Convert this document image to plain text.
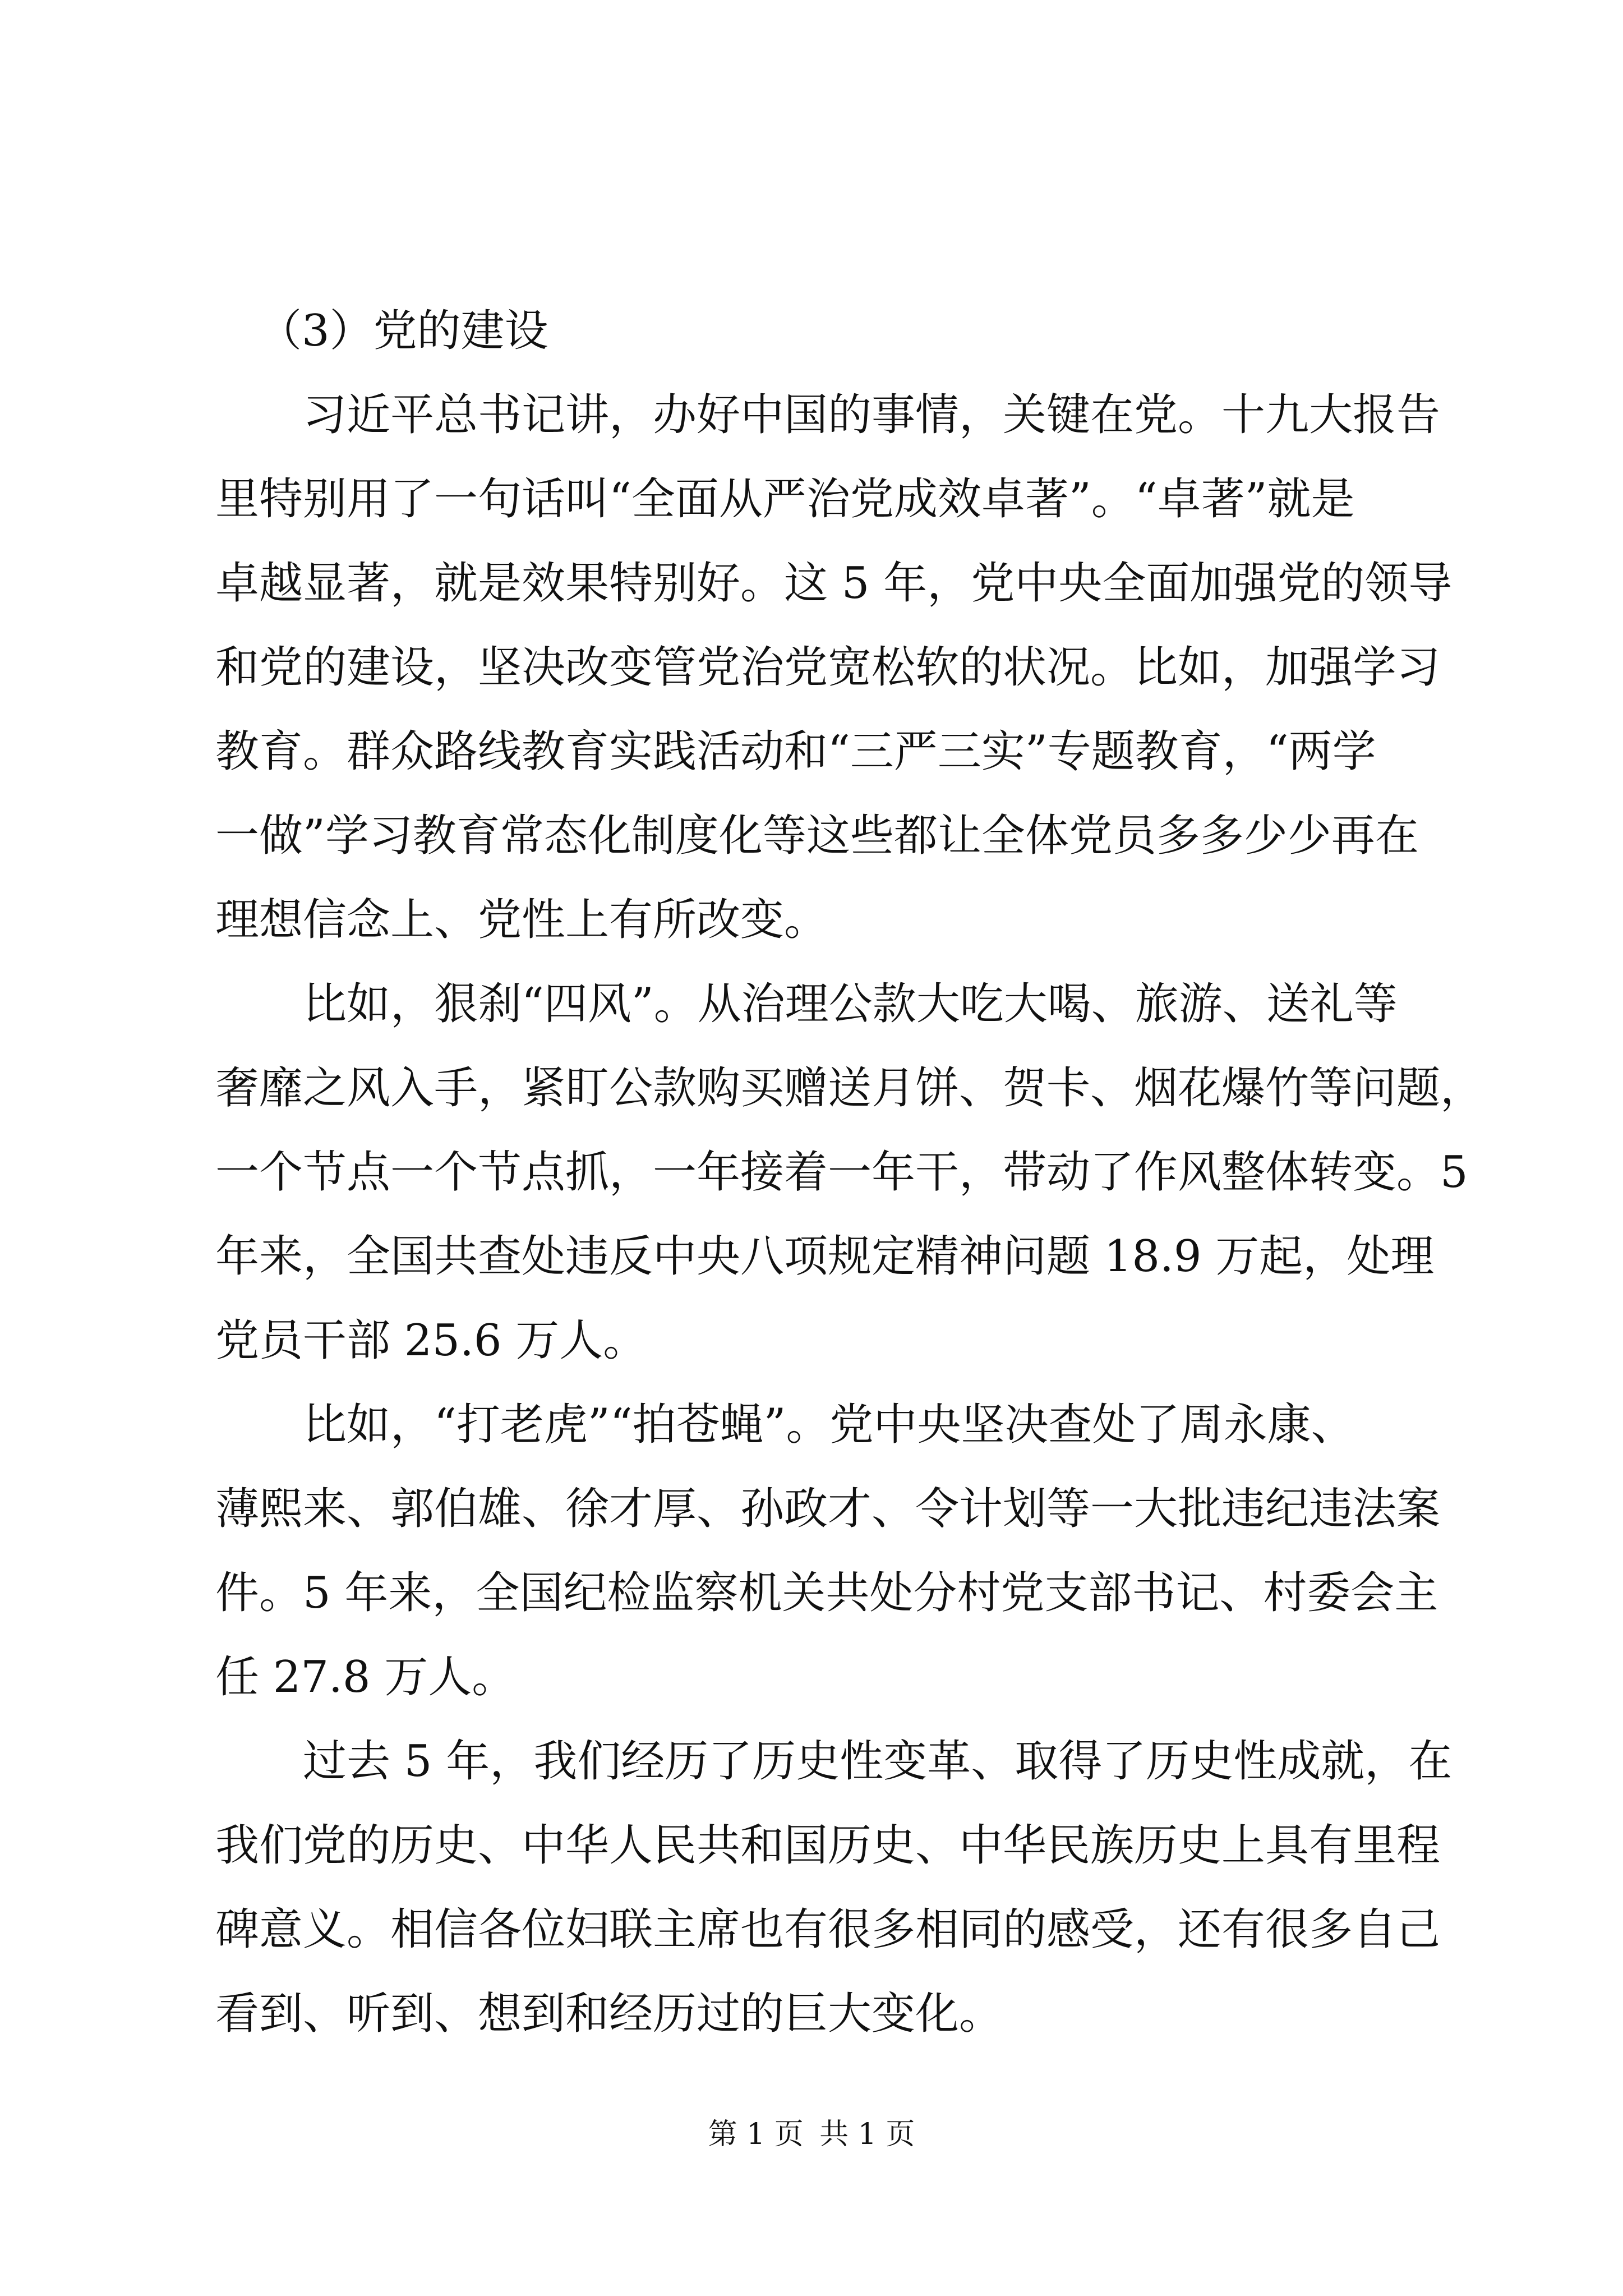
（3）党的建设
习近平总书记讲，办好中国的事情，关键在党。十九大报告
里特别用了一句话叫“全面从严治党成效卓著”。“卓著”就是
卓越显著，就是效果特别好。这 5 年，党中央全面加强党的领导
和党的建设，坚决改变管党治党宽松软的状况。比如，加强学习
教育。群众路线教育实践活动和“三严三实”专题教育，“两学
一做”学习教育常态化制度化等这些都让全体党员多多少少再在
理想信念上、党性上有所改变。
比如，狠刹“四风”。从治理公款大吃大喝、旅游、送礼等
奢靡之风入手，紧盯公款购买赠送月饼、贺卡、烟花爆竹等问题，
一个节点一个节点抓，一年接着一年干，带动了作风整体转变。5
年来，全国共查处违反中央八项规定精神问题 18.9 万起，处理
党员干部 25.6 万人。
比如，“打老虎”“拍苍蝇”。党中央坚决查处了周永康、
薄熙来、郭伯雄、徐才厚、孙政才、令计划等一大批违纪违法案
件。5 年来，全国纪检监察机关共处分村党支部书记、村委会主
任 27.8 万人。
过去 5 年，我们经历了历史性变革、取得了历史性成就，在
我们党的历史、中华人民共和国历史、中华民族历史上具有里程
碑意义。相信各位妇联主席也有很多相同的感受，还有很多自己
看到、听到、想到和经历过的巨大变化。
第 1 页 共 1 页
